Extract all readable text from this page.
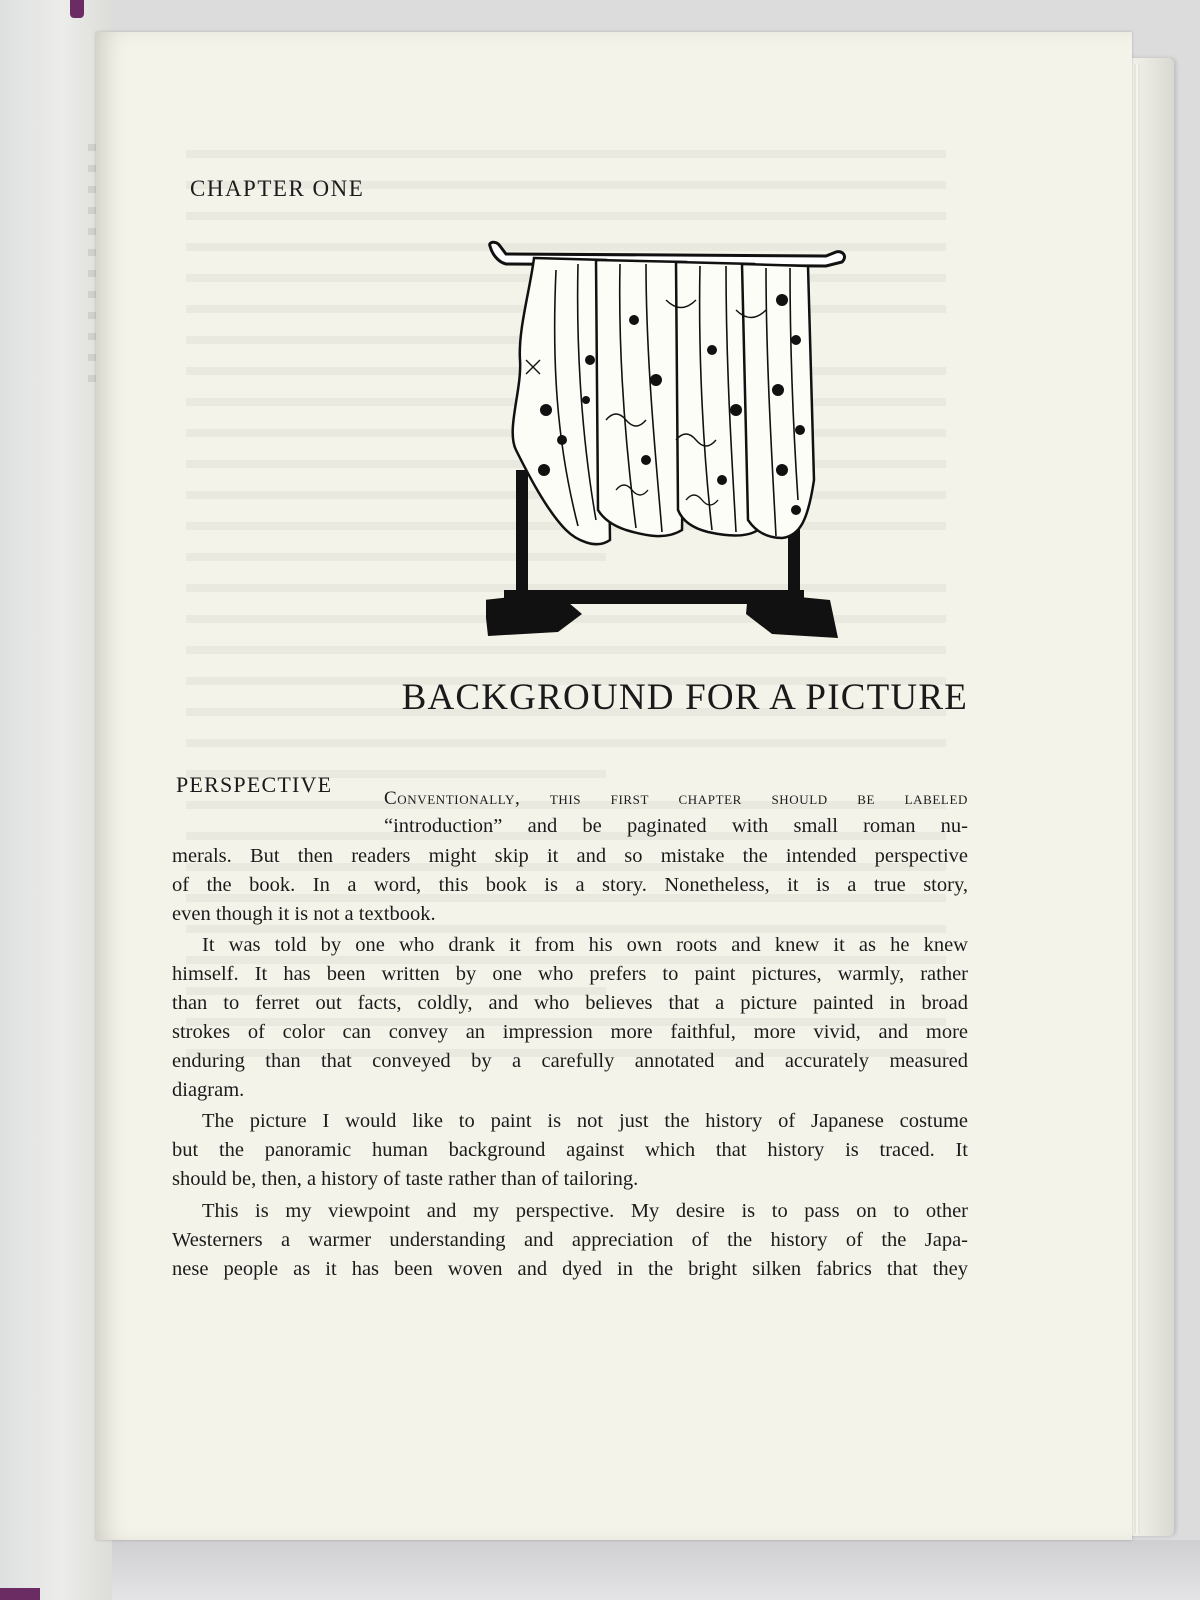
CHAPTER ONE
BACKGROUND FOR A PICTURE
PERSPECTIVE
Conventionally, this first chapter should be labeled
“introduction” and be paginated with small roman nu-
merals. But then readers might skip it and so mistake the intended perspective
of the book. In a word, this book is a story. Nonetheless, it is a true story,
even though it is not a textbook.
It was told by one who drank it from his own roots and knew it as he knew
himself. It has been written by one who prefers to paint pictures, warmly, rather
than to ferret out facts, coldly, and who believes that a picture painted in broad
strokes of color can convey an impression more faithful, more vivid, and more
enduring than that conveyed by a carefully annotated and accurately measured
diagram.
The picture I would like to paint is not just the history of Japanese costume
but the panoramic human background against which that history is traced. It
should be, then, a history of taste rather than of tailoring.
This is my viewpoint and my perspective. My desire is to pass on to other
Westerners a warmer understanding and appreciation of the history of the Japa-
nese people as it has been woven and dyed in the bright silken fabrics that they
